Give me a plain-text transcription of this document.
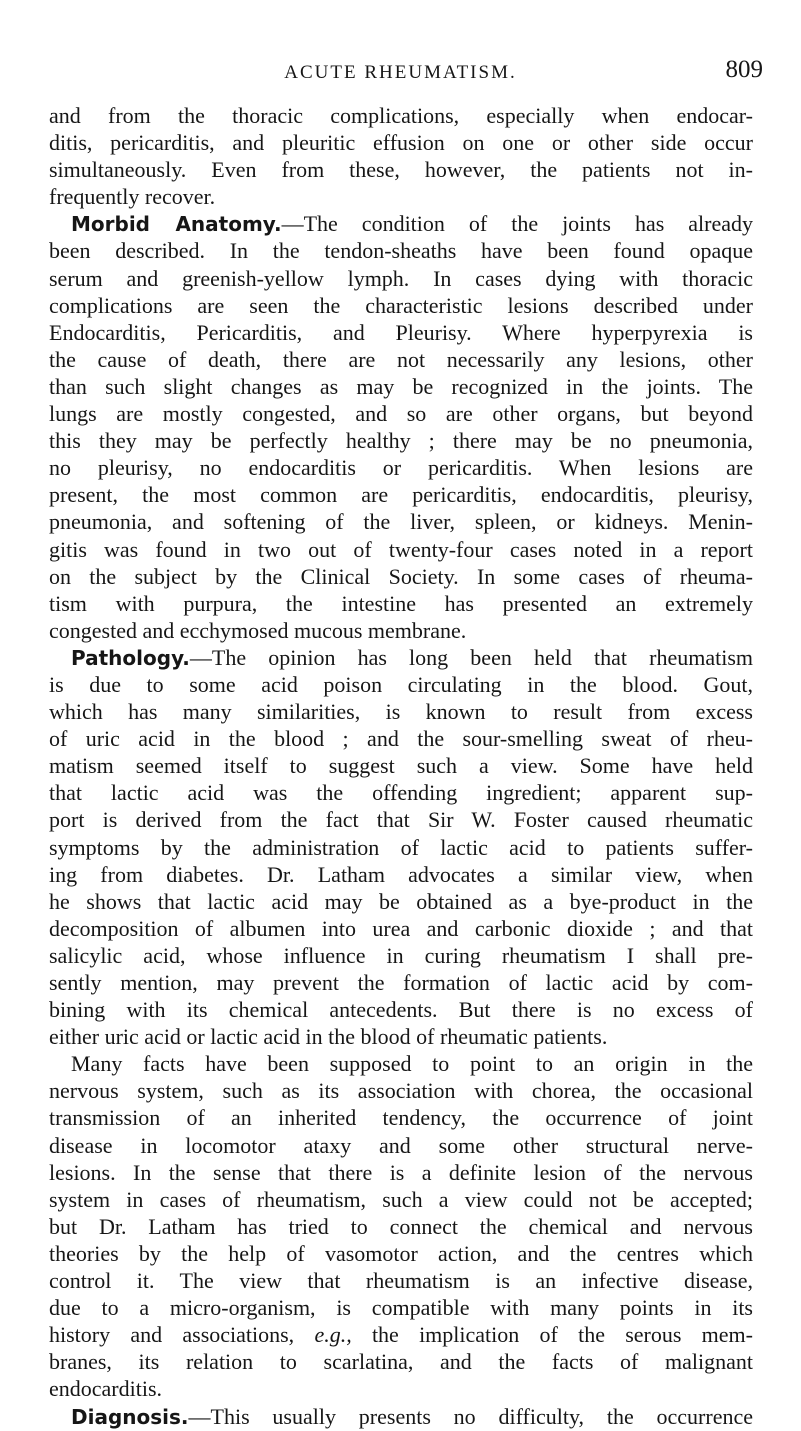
ACUTE RHEUMATISM.	809
and from the thoracic complications, especially when endocar-
ditis, pericarditis, and pleuritic effusion on one or other side occur
simultaneously. Even from these, however, the patients not in-
frequently recover.
Morbid Anatomy.—The condition of the joints has already
been described. In the tendon-sheaths have been found opaque
serum and greenish-yellow lymph. In cases dying with thoracic
complications are seen the characteristic lesions described under
Endocarditis, Pericarditis, and Pleurisy. Where hyperpyrexia is
the cause of death, there are not necessarily any lesions, other
than such slight changes as may be recognized in the joints. The
lungs are mostly congested, and so are other organs, but beyond
this they may be perfectly healthy ; there may be no pneumonia,
no pleurisy, no endocarditis or pericarditis. When lesions are
present, the most common are pericarditis, endocarditis, pleurisy,
pneumonia, and softening of the liver, spleen, or kidneys. Menin-
gitis was found in two out of twenty-four cases noted in a report
on the subject by the Clinical Society. In some cases of rheuma-
tism with purpura, the intestine has presented an extremely
congested and ecchymosed mucous membrane.
Pathology.—The opinion has long been held that rheumatism
is due to some acid poison circulating in the blood. Gout,
which has many similarities, is known to result from excess
of uric acid in the blood ; and the sour-smelling sweat of rheu-
matism seemed itself to suggest such a view. Some have held
that lactic acid was the offending ingredient; apparent sup-
port is derived from the fact that Sir W. Foster caused rheumatic
symptoms by the administration of lactic acid to patients suffer-
ing from diabetes. Dr. Latham advocates a similar view, when
he shows that lactic acid may be obtained as a bye-product in the
decomposition of albumen into urea and carbonic dioxide ; and that
salicylic acid, whose influence in curing rheumatism I shall pre-
sently mention, may prevent the formation of lactic acid by com-
bining with its chemical antecedents. But there is no excess of
either uric acid or lactic acid in the blood of rheumatic patients.
Many facts have been supposed to point to an origin in the
nervous system, such as its association with chorea, the occasional
transmission of an inherited tendency, the occurrence of joint
disease in locomotor ataxy and some other structural nerve-
lesions. In the sense that there is a definite lesion of the nervous
system in cases of rheumatism, such a view could not be accepted;
but Dr. Latham has tried to connect the chemical and nervous
theories by the help of vasomotor action, and the centres which
control it. The view that rheumatism is an infective disease,
due to a micro-organism, is compatible with many points in its
history and associations, e.g., the implication of the serous mem-
branes, its relation to scarlatina, and the facts of malignant
endocarditis.
Diagnosis.—This usually presents no difficulty, the occurrence
